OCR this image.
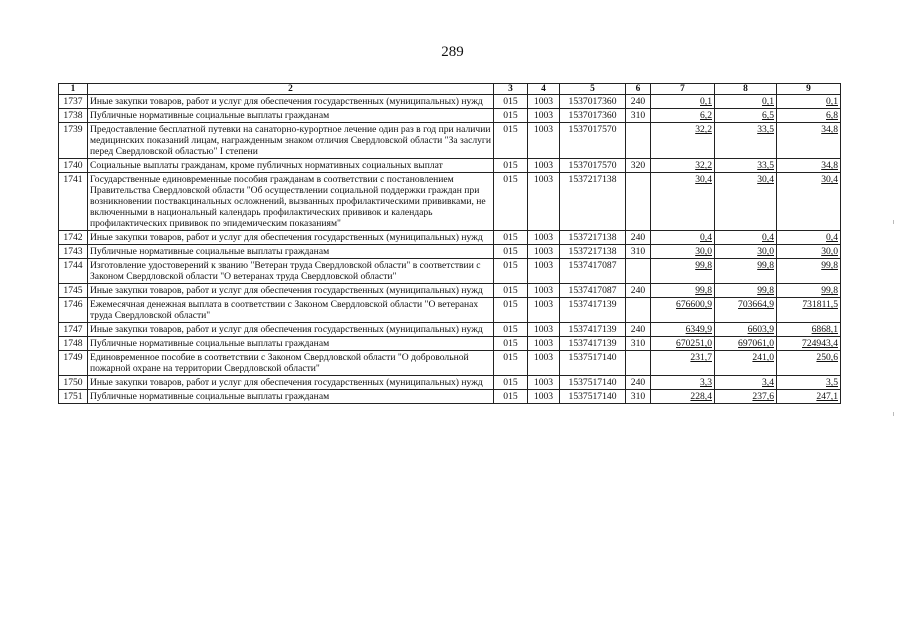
289
1	2	3	4	5	6	7	8	9
1737	Иные закупки товаров, работ и услуг для обеспечения государственных (муниципальных) нужд	015	1003	1537017360	240	0,1	0,1	0,1
1738	Публичные нормативные социальные выплаты гражданам	015	1003	1537017360	310	6,2	6,5	6,8
1739	Предоставление бесплатной путевки на санаторно-курортное лечение один раз в год при наличии медицинских показаний лицам, награжденным знаком отличия Свердловской области "За заслуги перед Свердловской областью" I степени	015	1003	1537017570		32,2	33,5	34,8
1740	Социальные выплаты гражданам, кроме публичных нормативных социальных выплат	015	1003	1537017570	320	32,2	33,5	34,8
1741	Государственные единовременные пособия гражданам в соответствии с постановлением Правительства Свердловской области "Об осуществлении социальной поддержки граждан при возникновении поствакцинальных осложнений, вызванных профилактическими прививками, не включенными в национальный календарь профилактических прививок и календарь профилактических прививок по эпидемическим показаниям"	015	1003	1537217138		30,4	30,4	30,4
1742	Иные закупки товаров, работ и услуг для обеспечения государственных (муниципальных) нужд	015	1003	1537217138	240	0,4	0,4	0,4
1743	Публичные нормативные социальные выплаты гражданам	015	1003	1537217138	310	30,0	30,0	30,0
1744	Изготовление удостоверений к званию "Ветеран труда Свердловской области" в соответствии с Законом Свердловской области "О ветеранах труда Свердловской области"	015	1003	1537417087		99,8	99,8	99,8
1745	Иные закупки товаров, работ и услуг для обеспечения государственных (муниципальных) нужд	015	1003	1537417087	240	99,8	99,8	99,8
1746	Ежемесячная денежная выплата в соответствии с Законом Свердловской области "О ветеранах труда Свердловской области"	015	1003	1537417139		676600,9	703664,9	731811,5
1747	Иные закупки товаров, работ и услуг для обеспечения государственных (муниципальных) нужд	015	1003	1537417139	240	6349,9	6603,9	6868,1
1748	Публичные нормативные социальные выплаты гражданам	015	1003	1537417139	310	670251,0	697061,0	724943,4
1749	Единовременное пособие в соответствии с Законом Свердловской области "О добровольной пожарной охране на территории Свердловской области"	015	1003	1537517140		231,7	241,0	250,6
1750	Иные закупки товаров, работ и услуг для обеспечения государственных (муниципальных) нужд	015	1003	1537517140	240	3,3	3,4	3,5
1751	Публичные нормативные социальные выплаты гражданам	015	1003	1537517140	310	228,4	237,6	247,1
